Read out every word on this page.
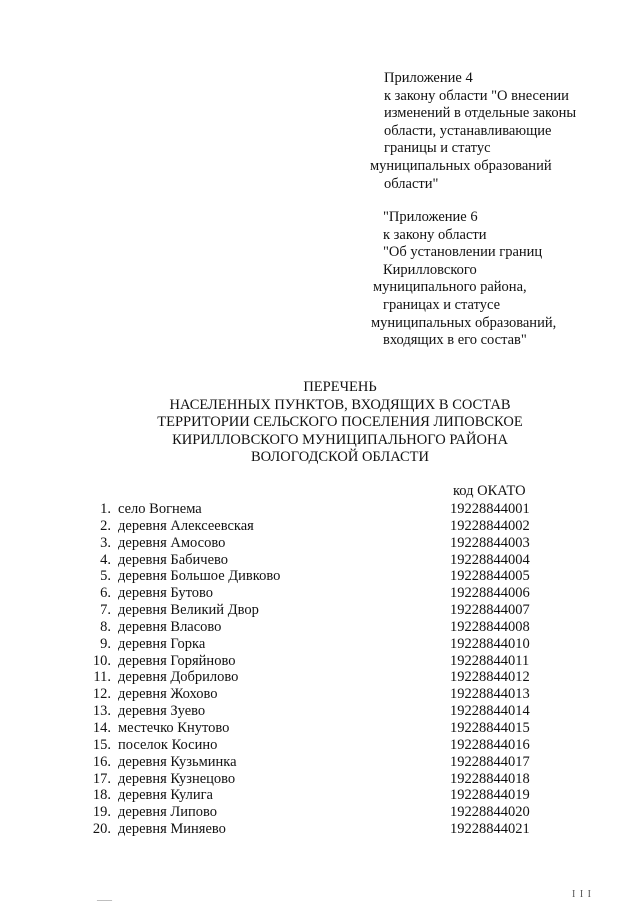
Приложение 4
к закону области "О внесении
изменений в отдельные законы
области, устанавливающие
границы и статус
муниципальных образований
области"
"Приложение 6
к закону области
"Об установлении границ
Кирилловского
муниципального района,
границах и статусе
муниципальных образований,
входящих в его состав"
ПЕРЕЧЕНЬ
НАСЕЛЕННЫХ ПУНКТОВ, ВХОДЯЩИХ В СОСТАВ
ТЕРРИТОРИИ СЕЛЬСКОГО ПОСЕЛЕНИЯ ЛИПОВСКОЕ
КИРИЛЛОВСКОГО МУНИЦИПАЛЬНОГО РАЙОНА
ВОЛОГОДСКОЙ ОБЛАСТИ
код ОКАТО
1. село Вогнема	19228844001
2. деревня Алексеевская	19228844002
3. деревня Амосово	19228844003
4. деревня Бабичево	19228844004
5. деревня Большое Дивково	19228844005
6. деревня Бутово	19228844006
7. деревня Великий Двор	19228844007
8. деревня Власово	19228844008
9. деревня Горка	19228844010
10. деревня Горяйново	19228844011
11. деревня Добрилово	19228844012
12. деревня Жохово	19228844013
13. деревня Зуево	19228844014
14. местечко Кнутово	19228844015
15. поселок Косино	19228844016
16. деревня Кузьминка	19228844017
17. деревня Кузнецово	19228844018
18. деревня Кулига	19228844019
19. деревня Липово	19228844020
20. деревня Миняево	19228844021
___	I I I
